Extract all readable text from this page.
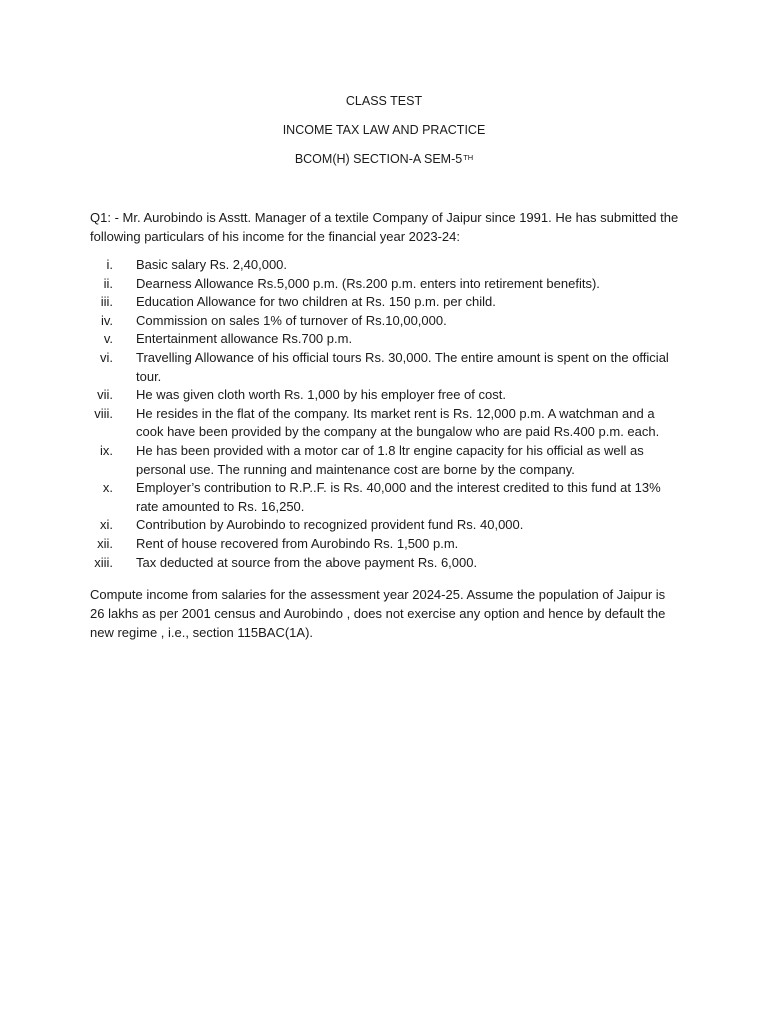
CLASS TEST
INCOME TAX LAW AND PRACTICE
BCOM(H) SECTION-A SEM-5TH
Q1: - Mr. Aurobindo is Asstt. Manager of a textile Company of Jaipur since 1991. He has submitted the following particulars of his income for the financial year 2023-24:
i. Basic salary Rs. 2,40,000.
ii. Dearness Allowance Rs.5,000 p.m. (Rs.200 p.m. enters into retirement benefits).
iii. Education Allowance for two children at Rs. 150 p.m. per child.
iv. Commission on sales 1% of turnover of Rs.10,00,000.
v. Entertainment allowance Rs.700 p.m.
vi. Travelling Allowance of his official tours Rs. 30,000. The entire amount is spent on the official tour.
vii. He was given cloth worth Rs. 1,000 by his employer free of cost.
viii. He resides in the flat of the company. Its market rent is Rs. 12,000 p.m. A watchman and a cook have been provided by the company at the bungalow who are paid Rs.400 p.m. each.
ix. He has been provided with a motor car of 1.8 ltr engine capacity for his official as well as personal use. The running and maintenance cost are borne by the company.
x. Employer’s contribution to R.P..F. is Rs. 40,000 and the interest credited to this fund at 13% rate amounted to Rs. 16,250.
xi. Contribution by Aurobindo to recognized provident fund Rs. 40,000.
xii. Rent of house recovered from Aurobindo Rs. 1,500 p.m.
xiii. Tax deducted at source from the above payment Rs. 6,000.
Compute income from salaries for the assessment year 2024-25. Assume the population of Jaipur is 26 lakhs as per 2001 census and Aurobindo , does not exercise any option and hence by default the new regime , i.e., section 115BAC(1A).
